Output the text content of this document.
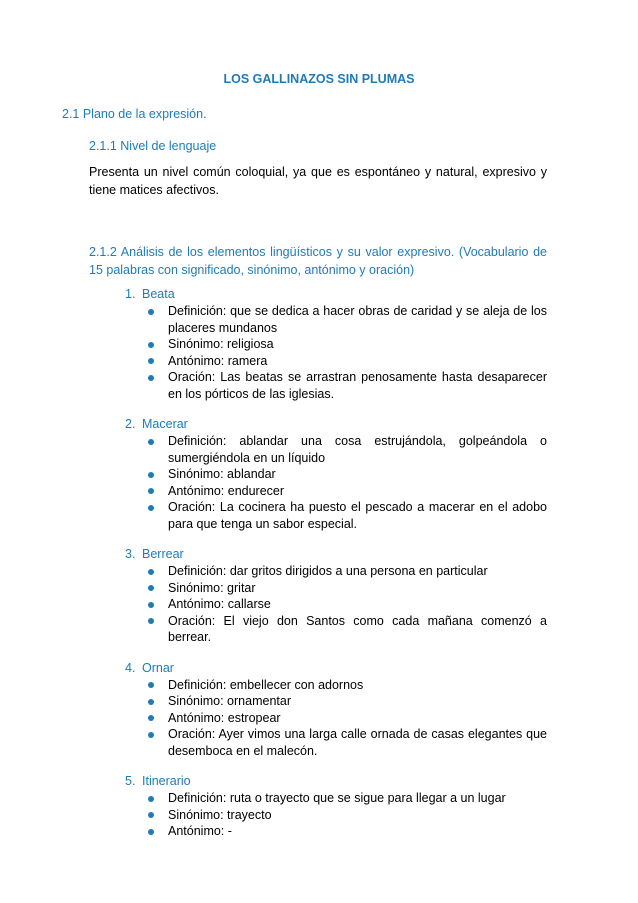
LOS GALLINAZOS SIN PLUMAS
2.1 Plano de la expresión.
2.1.1 Nivel de lenguaje

Presenta un nivel común coloquial, ya que es espontáneo y natural, expresivo y tiene matices afectivos.

2.1.2 Análisis de los elementos lingüísticos y su valor expresivo. (Vocabulario de 15 palabras con significado, sinónimo, antónimo y oración)

1. Beata
Definición: que se dedica a hacer obras de caridad y se aleja de los placeres mundanos
Sinónimo: religiosa
Antónimo: ramera
Oración: Las beatas se arrastran penosamente hasta desaparecer en los pórticos de las iglesias.
2. Macerar
Definición: ablandar una cosa estrujándola, golpeándola o sumergiéndola en un líquido
Sinónimo: ablandar
Antónimo: endurecer
Oración: La cocinera ha puesto el pescado a macerar en el adobo para que tenga un sabor especial.
3. Berrear
Definición: dar gritos dirigidos a una persona en particular
Sinónimo: gritar
Antónimo: callarse
Oración: El viejo don Santos como cada mañana comenzó a berrear.
4. Ornar
Definición: embellecer con adornos
Sinónimo: ornamentar
Antónimo: estropear
Oración: Ayer vimos una larga calle ornada de casas elegantes que desemboca en el malecón.
5. Itinerario
Definición: ruta o trayecto que se sigue para llegar a un lugar
Sinónimo: trayecto
Antónimo: -
